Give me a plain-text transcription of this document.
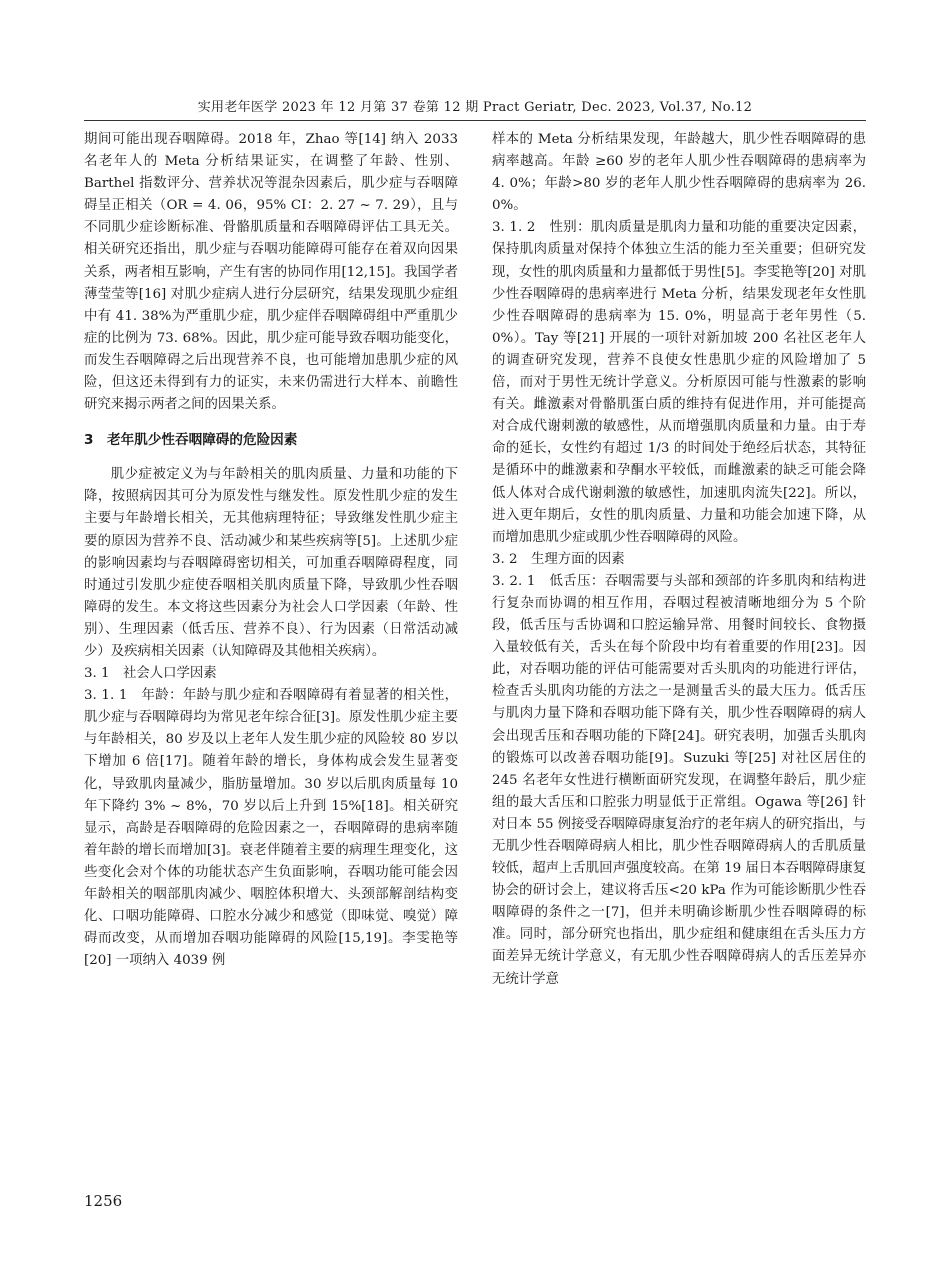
实用老年医学 2023 年 12 月第 37 卷第 12 期 Pract Geriatr, Dec. 2023, Vol.37, No.12

期间可能出现吞咽障碍。2018 年，Zhao 等[14] 纳入 2033 名老年人的 Meta 分析结果证实，在调整了年龄、性别、Barthel 指数评分、营养状况等混杂因素后，肌少症与吞咽障碍呈正相关（OR = 4. 06，95% CI：2. 27 ~ 7. 29），且与不同肌少症诊断标准、骨骼肌质量和吞咽障碍评估工具无关。相关研究还指出，肌少症与吞咽功能障碍可能存在着双向因果关系，两者相互影响，产生有害的协同作用[12,15]。我国学者薄莹莹等[16] 对肌少症病人进行分层研究，结果发现肌少症组中有 41. 38%为严重肌少症，肌少症伴吞咽障碍组中严重肌少症的比例为 73. 68%。因此，肌少症可能导致吞咽功能变化，而发生吞咽障碍之后出现营养不良，也可能增加患肌少症的风险，但这还未得到有力的证实，未来仍需进行大样本、前瞻性研究来揭示两者之间的因果关系。

3　老年肌少性吞咽障碍的危险因素

肌少症被定义为与年龄相关的肌肉质量、力量和功能的下降，按照病因其可分为原发性与继发性。原发性肌少症的发生主要与年龄增长相关，无其他病理特征；导致继发性肌少症主要的原因为营养不良、活动减少和某些疾病等[5]。上述肌少症的影响因素均与吞咽障碍密切相关，可加重吞咽障碍程度，同时通过引发肌少症使吞咽相关肌肉质量下降，导致肌少性吞咽障碍的发生。本文将这些因素分为社会人口学因素（年龄、性别）、生理因素（低舌压、营养不良）、行为因素（日常活动减少）及疾病相关因素（认知障碍及其他相关疾病）。

3. 1　社会人口学因素

3. 1. 1　年龄：年龄与肌少症和吞咽障碍有着显著的相关性，肌少症与吞咽障碍均为常见老年综合征[3]。原发性肌少症主要与年龄相关，80 岁及以上老年人发生肌少症的风险较 80 岁以下增加 6 倍[17]。随着年龄的增长，身体构成会发生显著变化，导致肌肉量减少，脂肪量增加。30 岁以后肌肉质量每 10 年下降约 3% ~ 8%，70 岁以后上升到 15%[18]。相关研究显示，高龄是吞咽障碍的危险因素之一，吞咽障碍的患病率随着年龄的增长而增加[3]。衰老伴随着主要的病理生理变化，这些变化会对个体的功能状态产生负面影响，吞咽功能可能会因年龄相关的咽部肌肉减少、咽腔体积增大、头颈部解剖结构变化、口咽功能障碍、口腔水分减少和感觉（即味觉、嗅觉）障碍而改变，从而增加吞咽功能障碍的风险[15,19]。李雯艳等[20] 一项纳入 4039 例

样本的 Meta 分析结果发现，年龄越大，肌少性吞咽障碍的患病率越高。年龄 ≥60 岁的老年人肌少性吞咽障碍的患病率为 4. 0%；年龄>80 岁的老年人肌少性吞咽障碍的患病率为 26. 0%。

3. 1. 2　性别：肌肉质量是肌肉力量和功能的重要决定因素，保持肌肉质量对保持个体独立生活的能力至关重要；但研究发现，女性的肌肉质量和力量都低于男性[5]。李雯艳等[20] 对肌少性吞咽障碍的患病率进行 Meta 分析，结果发现老年女性肌少性吞咽障碍的患病率为 15. 0%，明显高于老年男性（5. 0%）。Tay 等[21] 开展的一项针对新加坡 200 名社区老年人的调查研究发现，营养不良使女性患肌少症的风险增加了 5 倍，而对于男性无统计学意义。分析原因可能与性激素的影响有关。雌激素对骨骼肌蛋白质的维持有促进作用，并可能提高对合成代谢刺激的敏感性，从而增强肌肉质量和力量。由于寿命的延长，女性约有超过 1/3 的时间处于绝经后状态，其特征是循环中的雌激素和孕酮水平较低，而雌激素的缺乏可能会降低人体对合成代谢刺激的敏感性，加速肌肉流失[22]。所以，进入更年期后，女性的肌肉质量、力量和功能会加速下降，从而增加患肌少症或肌少性吞咽障碍的风险。

3. 2　生理方面的因素

3. 2. 1　低舌压：吞咽需要与头部和颈部的许多肌肉和结构进行复杂而协调的相互作用，吞咽过程被清晰地细分为 5 个阶段，低舌压与舌协调和口腔运输异常、用餐时间较长、食物摄入量较低有关，舌头在每个阶段中均有着重要的作用[23]。因此，对吞咽功能的评估可能需要对舌头肌肉的功能进行评估，检查舌头肌肉功能的方法之一是测量舌头的最大压力。低舌压与肌肉力量下降和吞咽功能下降有关，肌少性吞咽障碍的病人会出现舌压和吞咽功能的下降[24]。研究表明，加强舌头肌肉的锻炼可以改善吞咽功能[9]。Suzuki 等[25] 对社区居住的 245 名老年女性进行横断面研究发现，在调整年龄后，肌少症组的最大舌压和口腔张力明显低于正常组。Ogawa 等[26] 针对日本 55 例接受吞咽障碍康复治疗的老年病人的研究指出，与无肌少性吞咽障碍病人相比，肌少性吞咽障碍病人的舌肌质量较低，超声上舌肌回声强度较高。在第 19 届日本吞咽障碍康复协会的研讨会上，建议将舌压<20 kPa 作为可能诊断肌少性吞咽障碍的条件之一[7]，但并未明确诊断肌少性吞咽障碍的标准。同时，部分研究也指出，肌少症组和健康组在舌头压力方面差异无统计学意义，有无肌少性吞咽障碍病人的舌压差异亦无统计学意

1256
